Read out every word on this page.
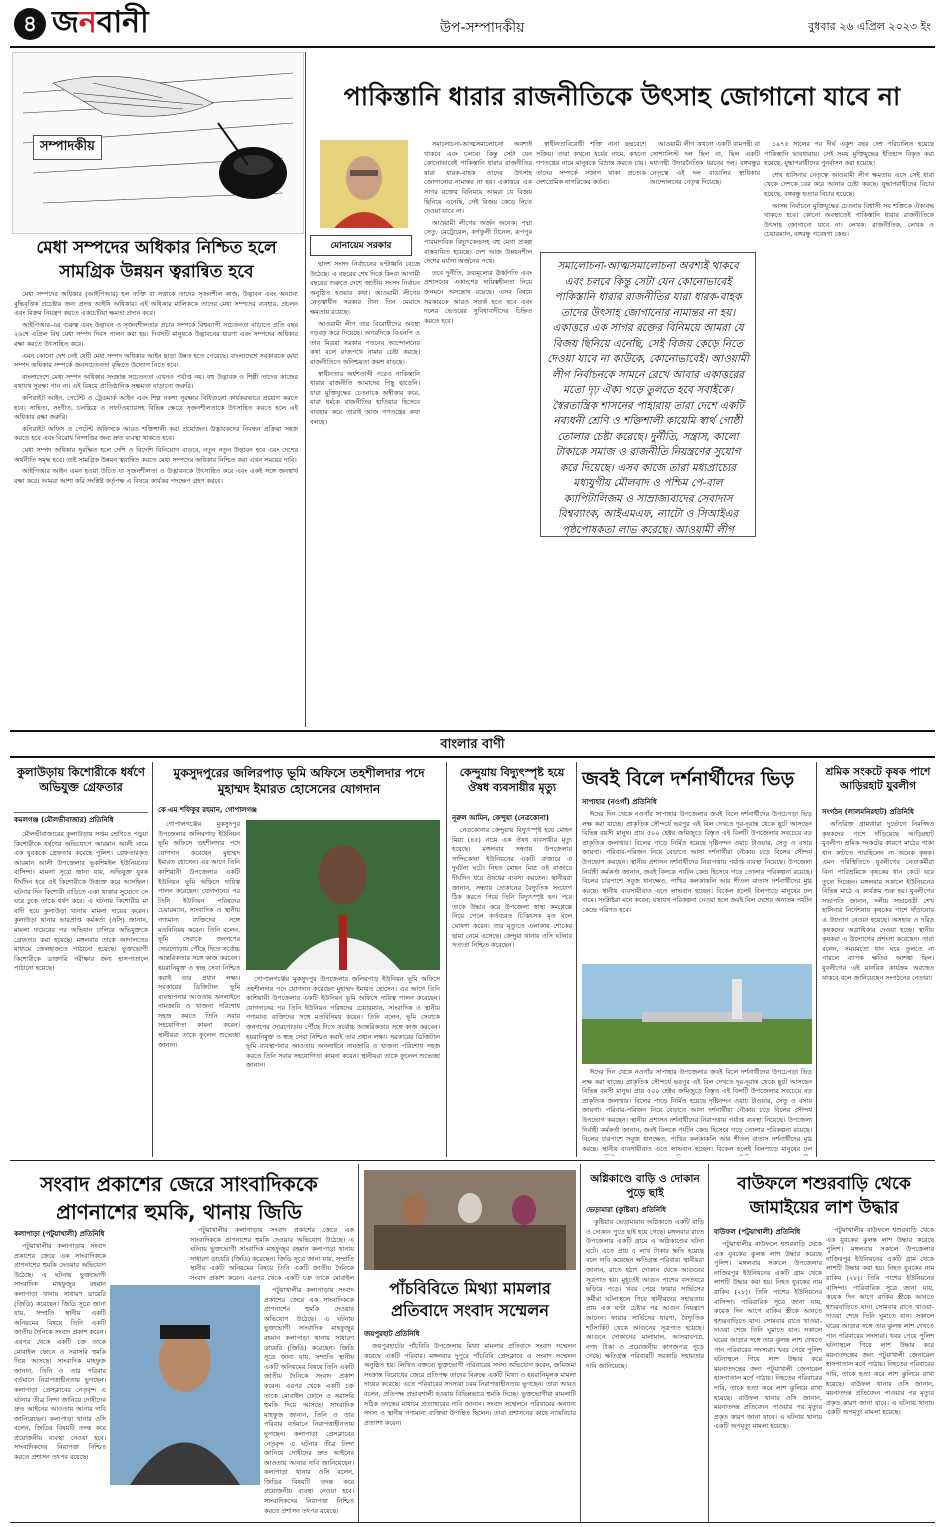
৪ জনবানী	উপ-সম্পাদকীয়	বুধবার ২৬ এপ্রিল ২০২৩ ইং
সম্পাদকীয়
মেধা সম্পদের অধিকার নিশ্চিত হলে সামগ্রিক উন্নয়ন ত্বরান্বিত হবে

মেধা সম্পদের অধিকার (আইপিআর) হল ব্যক্তি বা সত্তাকে তাদের সৃজনশীল কাজ, উদ্ভাবন এবং অন্যান্য বুদ্ধিবৃত্তিক প্রচেষ্টার জন্য প্রদত্ত আইনি অধিকার। এই অধিকার মালিককে তাদের মেধা সম্পদের ব্যবহার, প্রচলন এবং বিক্রয় নিয়ন্ত্রণ করতে একচেটিয়া ক্ষমতা প্রদান করে।

আইপিআর-এর গুরুত্ব এবং উদ্ভাবন ও সৃজনশীলতার প্রচার সম্পর্কে বিশ্বব্যাপী সচেতনতা বাড়াতে প্রতি বছর ২৬শে এপ্রিল বিশ্ব মেধা সম্পদ দিবস পালন করা হয়। দিবসটি মানুষকে উদ্ভাবনের ধারণা এবং সম্পদের অধিকার রক্ষা করতে উৎসাহিত করে।

এমন কোনো দেশ নেই যেটি মেধা সম্পদ অধিকার আইন ছাড়া উন্নত হতে পেরেছে। বাংলাদেশে সরকারকে মেধা সম্পদ অধিকার সম্পর্কে জনসচেতনতা বৃদ্ধিতে উদ্যোগ নিতে হবে।

বাংলাদেশে মেধা সম্পদ অধিকার সংক্রান্ত সচেতনতা এখনও পর্যাপ্ত নয়। বহু উদ্ভাবক ও শিল্পী তাদের কাজের যথাযথ সুরক্ষা পান না। এই বিষয়ে প্রাতিষ্ঠানিক সক্ষমতা বাড়ানো জরুরি।

কপিরাইট আইন, পেটেন্ট ও ট্রেডমার্ক আইন এবং শিল্প নকশা সুরক্ষার বিধিগুলো কার্যকরভাবে প্রয়োগ করতে হবে। সাহিত্য, সংগীত, চলচ্চিত্র ও সফটওয়্যারসহ বিভিন্ন ক্ষেত্রে সৃজনশীলতাকে উৎসাহিত করতে হলে এই অধিকার রক্ষা জরুরি।

কপিরাইট অফিস ও পেটেন্ট অফিসকে আরও শক্তিশালী করা প্রয়োজন। উদ্ভাবকদের নিবন্ধন প্রক্রিয়া সহজ করতে হবে এবং বিরোধ নিষ্পত্তির জন্য দ্রুত ব্যবস্থা থাকতে হবে।

মেধা সম্পদ অধিকার সুরক্ষিত হলে দেশি ও বিদেশি বিনিয়োগ বাড়বে, নতুন নতুন উদ্ভাবন হবে এবং দেশের অর্থনীতি সমৃদ্ধ হবে। তাই সামগ্রিক উন্নয়ন ত্বরান্বিত করতে মেধা সম্পদের অধিকার নিশ্চিত করা এখন সময়ের দাবি।

আইপিআর আইন এমন হওয়া উচিত যা সৃজনশীলতা ও উদ্ভাবনকে উৎসাহিত করে এবং একই সঙ্গে জনস্বার্থ রক্ষা করে। আমরা আশা করি সংশ্লিষ্ট কর্তৃপক্ষ এ বিষয়ে কার্যকর পদক্ষেপ গ্রহণ করবে।

পাকিস্তানি ধারার রাজনীতিকে উৎসাহ জোগানো যাবে না
মোনায়েম সরকার

দ্বাদশ সংসদ নির্বাচনের ঘণ্টাধ্বনি বেজে উঠেছে। এ বছরের শেষ দিকে কিংবা আগামী বছরের শুরুতে দেশে জাতীয় সংসদ নির্বাচন অনুষ্ঠিত হওয়ার কথা। আওয়ামী লীগের নেতৃত্বাধীন সরকার টানা তিন মেয়াদে ক্ষমতায় রয়েছে।

আওয়ামী লীগ তার বিরোধীদের অবস্থা নড়বড় করে দিয়েছে। অপরদিকে বিএনপি ও তার মিত্ররা সরকার পতনের আন্দোলনের কথা বলে রাজপথে নামার চেষ্টা করছে। রাজনীতিতে অনিশ্চয়তা ক্রমশ বাড়ছে।

স্বাধীনতার অর্ধশতাব্দী পরেও পাকিস্তানি ধারার রাজনীতি আমাদের পিছু ছাড়েনি। যারা মুক্তিযুদ্ধের চেতনাকে অস্বীকার করে, যারা ধর্মকে রাজনীতির হাতিয়ার হিসেবে ব্যবহার করে তারাই আজ গণতন্ত্রের কথা বলছে।

সমালোচনা-আত্মসমালোচনা অবশ্যই থাকবে এবং চলবে। কিন্তু সেটা যেন কোনোভাবেই পাকিস্তানি ধারার রাজনীতির যারা ধারক-বাহক তাদের উৎসাহ জোগানোর নামান্তর না হয়। একাত্তরে এক সাগর রক্তের বিনিময়ে আমরা যে বিজয় ছিনিয়ে এনেছি, সেই বিজয় কেড়ে নিতে দেওয়া যাবে না।

আওয়ামী লীগের অর্জন অনেক। পদ্মা সেতু, মেট্রোরেল, কর্ণফুলী টানেল, রূপপুর পারমাণবিক বিদ্যুৎকেন্দ্রসহ বহু মেগা প্রকল্প বাস্তবায়িত হয়েছে। দেশ আজ উন্নয়নশীল দেশের মর্যাদা অর্জনের পথে।

তবে দুর্নীতি, দ্রব্যমূল্যের ঊর্ধ্বগতি এবং প্রশাসনের একাংশের দায়িত্বহীনতা নিয়ে জনমনে অসন্তোষ রয়েছে। এসব বিষয়ে সরকারকে আরও সতর্ক হতে হবে এবং দলের ভেতরের সুবিধাবাদীদের চিহ্নিত করতে হবে।

স্বাধীনতাবিরোধী শক্তি নানা ছদ্মবেশে সক্রিয়। তারা কখনো ধর্মের নামে, কখনো গণতন্ত্রের নামে মানুষকে বিভ্রান্ত করতে চায়। তাদের সম্পর্কে সজাগ থাকা প্রত্যেক দেশপ্রেমিক নাগরিকের কর্তব্য।

আওয়ামী লীগ কখনো একটি বামপন্থী বা সোশ্যালিস্ট দল ছিল না, ছিল একটি মধ্যপন্থী উদারনৈতিক ধরনের দল। বঙ্গবন্ধুর নেতৃত্বে এই দল বাঙালির স্বাধিকার আন্দোলনের নেতৃত্ব দিয়েছে।

১৯৭৫ সালের পর দীর্ঘ একুশ বছর দেশ পরিচালিত হয়েছে পাকিস্তানি ভাবধারায়। সেই সময় মুক্তিযুদ্ধের ইতিহাস বিকৃত করা হয়েছে, যুদ্ধাপরাধীদের পুনর্বাসন করা হয়েছে।

শেখ হাসিনার নেতৃত্বে আওয়ামী লীগ ক্ষমতায় এসে সেই ধারা থেকে দেশকে বের করে আনার চেষ্টা করছে। যুদ্ধাপরাধীদের বিচার হয়েছে, বঙ্গবন্ধু হত্যার বিচার হয়েছে।

আসন্ন নির্বাচনে মুক্তিযুদ্ধের চেতনায় বিশ্বাসী সব শক্তিকে ঐক্যবদ্ধ থাকতে হবে। কোনো অবস্থাতেই পাকিস্তানি ধারার রাজনীতিকে উৎসাহ জোগানো যাবে না। লেখক: রাজনীতিক, লেখক ও চেয়ারম্যান, বঙ্গবন্ধু গবেষণা কেন্দ্র।

সমালোচনা-আত্মসমালোচনা অবশ্যই থাকবে এবং চলবে কিন্তু সেটা যেন কোনোভাবেই পাকিস্তানি ধারার রাজনীতির যারা ধারক-বাহক তাদের উৎসাহ জোগানোর নামান্তর না হয়। একাত্তরে এক সাগর রক্তের বিনিময়ে আমরা যে বিজয় ছিনিয়ে এনেছি, সেই বিজয় কেড়ে নিতে দেওয়া যাবে না কাউকে, কোনোভাবেই। আওয়ামী লীগ নির্বাচনকে সামনে রেখে আবার একাত্তরের মতো দৃঢ় ঐক্য গড়ে তুলতে হবে সবাইকে। স্বৈরতান্ত্রিক শাসনের পাহারায় তারা দেশে একটি নব্যধনী শ্রেণি ও শক্তিশালী কায়েমি স্বার্থ গোষ্ঠী তোলার চেষ্টা করেছে। দুর্নীতি, সন্ত্রাস, কালো টাকাকে সমাজ ও রাজনীতি নিয়ন্ত্রণের সুযোগ করে দিয়েছে। এসব কাজে তারা মধ্যপ্রাচ্যের মধ্যযুগীয় মৌলবাদ ও পশ্চিম পে-বাল ক্যাপিটালিজম ও সাম্রাজ্যবাদের সেবাদাস বিশ্বব্যাংক, আইএমএফ, ন্যাটো ও সিআইএর পৃষ্ঠপোষকতা লাভ করেছে। আওয়ামী লীগ
বাংলার বাণী
কুলাউড়ায় কিশোরীকে ধর্ষণে অভিযুক্ত গ্রেফতার
কমলগঞ্জ (মৌলভীবাজার) প্রতিনিধি

মৌলভীবাজারের কুলাউড়ায় সপ্তম শ্রেণিতে পড়ুয়া কিশোরীকে ধর্ষণের অভিযোগে আরমান আলী নামে এক যুবককে গ্রেফতার করেছে পুলিশ। গ্রেফতারকৃত আরমান আলী উপজেলার ভূকশিমইল ইউনিয়নের বাসিন্দা। মামলা সূত্রে জানা যায়, অভিযুক্ত যুবক দীর্ঘদিন ধরে ওই কিশোরীকে উত্ত্যক্ত করে আসছিল। ঘটনার দিন কিশোরী বাড়িতে একা থাকার সুযোগে সে ঘরে ঢুকে তাকে ধর্ষণ করে। এ ঘটনায় কিশোরীর মা বাদী হয়ে কুলাউড়া থানায় মামলা দায়ের করেন। কুলাউড়া থানার ভারপ্রাপ্ত কর্মকর্তা (ওসি) জানান, মামলা দায়েরের পর অভিযান চালিয়ে অভিযুক্তকে গ্রেফতার করা হয়েছে। মঙ্গলবার তাকে আদালতের মাধ্যমে জেলহাজতে পাঠানো হয়েছে। ভুক্তভোগী কিশোরীকে ডাক্তারি পরীক্ষার জন্য হাসপাতালে পাঠানো হয়েছে।

মুকসুদপুরের জলিরপাড় ভূমি অফিসে তহশীলদার পদে মুহাম্মদ ইমারত হোসেনের যোগদান
কে এম শফিকুর রহমান, গোপালগঞ্জ

গোপালগঞ্জের মুকসুদপুর উপজেলার জলিরপাড় ইউনিয়ন ভূমি অফিসে তহশীলদার পদে যোগদান করেছেন মুহাম্মদ ইমারত হোসেন। এর আগে তিনি কাশিয়ানী উপজেলার একটি ইউনিয়ন ভূমি অফিসে দায়িত্ব পালন করেছেন। যোগদানের পর তিনি ইউনিয়ন পরিষদের চেয়ারম্যান, সাংবাদিক ও স্থানীয় গণ্যমান্য ব্যক্তিদের সঙ্গে মতবিনিময় করেন। তিনি বলেন, ভূমি সেবাকে জনগণের দোরগোড়ায় পৌঁছে দিতে সর্বোচ্চ আন্তরিকতার সঙ্গে কাজ করবেন। হয়রানিমুক্ত ও স্বচ্ছ সেবা নিশ্চিত করাই তার প্রধান লক্ষ্য। সরকারের ডিজিটাল ভূমি ব্যবস্থাপনার আওতায় অনলাইনে নামজারি ও খাজনা পরিশোধ সহজ করতে তিনি সবার সহযোগিতা কামনা করেন। স্থানীয়রা তাকে ফুলেল শুভেচ্ছা জানান।

গোপালগঞ্জের মুকসুদপুর উপজেলার জলিরপাড় ইউনিয়ন ভূমি অফিসে তহশীলদার পদে যোগদান করেছেন মুহাম্মদ ইমারত হোসেন। এর আগে তিনি কাশিয়ানী উপজেলার একটি ইউনিয়ন ভূমি অফিসে দায়িত্ব পালন করেছেন। যোগদানের পর তিনি ইউনিয়ন পরিষদের চেয়ারম্যান, সাংবাদিক ও স্থানীয় গণ্যমান্য ব্যক্তিদের সঙ্গে মতবিনিময় করেন। তিনি বলেন, ভূমি সেবাকে জনগণের দোরগোড়ায় পৌঁছে দিতে সর্বোচ্চ আন্তরিকতার সঙ্গে কাজ করবেন। হয়রানিমুক্ত ও স্বচ্ছ সেবা নিশ্চিত করাই তার প্রধান লক্ষ্য। সরকারের ডিজিটাল ভূমি ব্যবস্থাপনার আওতায় অনলাইনে নামজারি ও খাজনা পরিশোধ সহজ করতে তিনি সবার সহযোগিতা কামনা করেন। স্থানীয়রা তাকে ফুলেল শুভেচ্ছা জানান।

কেন্দুয়ায় বিদ্যুৎস্পৃষ্ট হয়ে ঔষধ ব্যবসায়ীর মৃত্যু
নূরুল আমিন, কেন্দুয়া (নেত্রকোনা)

নেত্রকোনার কেন্দুয়ায় বিদ্যুৎস্পৃষ্ট হয়ে মোহন মিয়া (৪৫) নামে এক ঔষধ ব্যবসায়ীর মৃত্যু হয়েছে। মঙ্গলবার সন্ধ্যায় উপজেলার সান্দিকোনা ইউনিয়নের একটি বাজারে এ দুর্ঘটনা ঘটে। নিহত মোহন মিয়া ওই বাজারে দীর্ঘদিন ধরে ঔষধের ব্যবসা করতেন। স্থানীয়রা জানান, সন্ধ্যায় দোকানের বৈদ্যুতিক সংযোগ ঠিক করতে গিয়ে তিনি বিদ্যুৎস্পৃষ্ট হন। পরে তাকে উদ্ধার করে উপজেলা স্বাস্থ্য কমপ্লেক্সে নিয়ে গেলে কর্তব্যরত চিকিৎসক মৃত বলে ঘোষণা করেন। তার মৃত্যুতে এলাকায় শোকের ছায়া নেমে এসেছে। কেন্দুয়া থানার ওসি ঘটনার সত্যতা নিশ্চিত করেছেন।

জবই বিলে দর্শনার্থীদের ভিড়
সাপাহার (নওগাঁ) প্রতিনিধি

ঈদের দিন থেকে নওগাঁর সাপাহার উপজেলার জবই বিলে দর্শনার্থীদের উপচেপড়া ভিড় লক্ষ করা যাচ্ছে। প্রাকৃতিক সৌন্দর্যে ভরপুর এই বিল দেখতে দূর-দূরান্ত থেকে ছুটে আসছেন বিভিন্ন বয়সী মানুষ। প্রায় ৫০০ হেক্টর জমিজুড়ে বিস্তৃত এই বিলটি উপজেলার সবচেয়ে বড় প্রাকৃতিক জলাধার। বিলের পাড়ে নির্মিত হয়েছে দৃষ্টিনন্দন ওয়াচ টাওয়ার, সেতু ও বসার জায়গা। পরিবার-পরিজন নিয়ে বেড়াতে আসা দর্শনার্থীরা নৌকায় চড়ে বিলের সৌন্দর্য উপভোগ করছেন। স্থানীয় প্রশাসন দর্শনার্থীদের নিরাপত্তায় পর্যাপ্ত ব্যবস্থা নিয়েছে। উপজেলা নির্বাহী কর্মকর্তা জানান, জবই বিলকে পর্যটন কেন্দ্র হিসেবে গড়ে তোলার পরিকল্পনা রয়েছে। বিলের চারপাশে সবুজ ধানক্ষেত, পাখির কলকাকলি আর শীতল বাতাস দর্শনার্থীদের মুগ্ধ করছে। স্থানীয় ব্যবসায়ীরাও এতে লাভবান হচ্ছেন। বিকেল হলেই বিলপাড়ে মানুষের ঢল নামে। সংশ্লিষ্টরা মনে করেন, যথাযথ পরিকল্পনা নেওয়া হলে জবই বিল দেশের অন্যতম পর্যটন কেন্দ্রে পরিণত হবে।

ঈদের দিন থেকে নওগাঁর সাপাহার উপজেলার জবই বিলে দর্শনার্থীদের উপচেপড়া ভিড় লক্ষ করা যাচ্ছে। প্রাকৃতিক সৌন্দর্যে ভরপুর এই বিল দেখতে দূর-দূরান্ত থেকে ছুটে আসছেন বিভিন্ন বয়সী মানুষ। প্রায় ৫০০ হেক্টর জমিজুড়ে বিস্তৃত এই বিলটি উপজেলার সবচেয়ে বড় প্রাকৃতিক জলাধার। বিলের পাড়ে নির্মিত হয়েছে দৃষ্টিনন্দন ওয়াচ টাওয়ার, সেতু ও বসার জায়গা। পরিবার-পরিজন নিয়ে বেড়াতে আসা দর্শনার্থীরা নৌকায় চড়ে বিলের সৌন্দর্য উপভোগ করছেন। স্থানীয় প্রশাসন দর্শনার্থীদের নিরাপত্তায় পর্যাপ্ত ব্যবস্থা নিয়েছে। উপজেলা নির্বাহী কর্মকর্তা জানান, জবই বিলকে পর্যটন কেন্দ্র হিসেবে গড়ে তোলার পরিকল্পনা রয়েছে। বিলের চারপাশে সবুজ ধানক্ষেত, পাখির কলকাকলি আর শীতল বাতাস দর্শনার্থীদের মুগ্ধ করছে। স্থানীয় ব্যবসায়ীরাও এতে লাভবান হচ্ছেন। বিকেল হলেই বিলপাড়ে মানুষের ঢল

শ্রমিক সংকটে কৃষক পাশে আড়িরহাট যুবলীগ
সংগঠন (লালমনিরহাট) প্রতিনিধি

অতিরিক্ত গ্রাম্যধারা দুর্ভোগে নিমজ্জিত কৃষকদের পাশে দাঁড়িয়েছে আড়িরহাট যুবলীগ। শ্রমিক সংকটের কারণে মাঠের পাকা ধান কাটতে পারছিলেন না অনেক কৃষক। এমন পরিস্থিতিতে যুবলীগের নেতাকর্মীরা বিনা পারিশ্রমিকে কৃষকের ধান কেটে ঘরে তুলে দিচ্ছেন। মঙ্গলবার সকালে ইউনিয়নের বিভিন্ন মাঠে এ কার্যক্রম শুরু হয়। যুবলীগের সভাপতি জানান, দলীয় সভানেত্রী শেখ হাসিনার নির্দেশনায় কৃষকের পাশে দাঁড়ানোর এ উদ্যোগ নেওয়া হয়েছে। অসহায় ও দরিদ্র কৃষকদের অগ্রাধিকার দেওয়া হচ্ছে। স্থানীয় কৃষকরা এ উদ্যোগের প্রশংসা করেছেন। তারা বলেন, সময়মতো ধান ঘরে তুলতে না পারলে ব্যাপক ক্ষতির আশঙ্কা ছিল। যুবলীগের এই মানবিক কার্যক্রম অব্যাহত থাকবে বলে জানিয়েছেন সংগঠনের নেতারা।

সংবাদ প্রকাশের জেরে সাংবাদিককে প্রাণনাশের হুমকি, থানায় জিডি
কলাপাড়া (পটুয়াখালী) প্রতিনিধি

পটুয়াখালীর কলাপাড়ায় সংবাদ প্রকাশের জেরে এক সাংবাদিককে প্রাণনাশের হুমকি দেওয়ার অভিযোগ উঠেছে। এ ঘটনায় ভুক্তভোগী সাংবাদিক মাহফুজুর রহমান কলাপাড়া থানায় সাধারণ ডায়েরি (জিডি) করেছেন। জিডি সূত্রে জানা যায়, সম্প্রতি স্থানীয় একটি অনিয়মের বিষয়ে তিনি একটি জাতীয় দৈনিকে সংবাদ প্রকাশ করেন। এরপর থেকে একটি চক্র তাকে মোবাইল ফোনে ও সরাসরি হুমকি দিয়ে আসছে। সাংবাদিক মাহফুজ জানান, তিনি ও তার পরিবার বর্তমানে নিরাপত্তাহীনতায় ভুগছেন। কলাপাড়া প্রেসক্লাবের নেতৃবৃন্দ এ ঘটনার তীব্র নিন্দা জানিয়ে দোষীদের দ্রুত আইনের আওতায় আনার দাবি জানিয়েছেন। কলাপাড়া থানার ওসি বলেন, জিডির বিষয়টি তদন্ত করে প্রয়োজনীয় ব্যবস্থা নেওয়া হবে। সাংবাদিকদের নিরাপত্তা নিশ্চিত করতে প্রশাসন তৎপর রয়েছে।

পটুয়াখালীর কলাপাড়ায় সংবাদ প্রকাশের জেরে এক সাংবাদিককে প্রাণনাশের হুমকি দেওয়ার অভিযোগ উঠেছে। এ ঘটনায় ভুক্তভোগী সাংবাদিক মাহফুজুর রহমান কলাপাড়া থানায় সাধারণ ডায়েরি (জিডি) করেছেন। জিডি সূত্রে জানা যায়, সম্প্রতি স্থানীয় একটি অনিয়মের বিষয়ে তিনি একটি জাতীয় দৈনিকে সংবাদ প্রকাশ করেন। এরপর থেকে একটি চক্র তাকে মোবাইল

পটুয়াখালীর কলাপাড়ায় সংবাদ প্রকাশের জেরে এক সাংবাদিককে প্রাণনাশের হুমকি দেওয়ার অভিযোগ উঠেছে। এ ঘটনায় ভুক্তভোগী সাংবাদিক মাহফুজুর রহমান কলাপাড়া থানায় সাধারণ ডায়েরি (জিডি) করেছেন। জিডি সূত্রে জানা যায়, সম্প্রতি স্থানীয় একটি অনিয়মের বিষয়ে তিনি একটি জাতীয় দৈনিকে সংবাদ প্রকাশ করেন। এরপর থেকে একটি চক্র তাকে মোবাইল ফোনে ও সরাসরি হুমকি দিয়ে আসছে। সাংবাদিক মাহফুজ জানান, তিনি ও তার পরিবার বর্তমানে নিরাপত্তাহীনতায় ভুগছেন। কলাপাড়া প্রেসক্লাবের নেতৃবৃন্দ এ ঘটনার তীব্র নিন্দা জানিয়ে দোষীদের দ্রুত আইনের আওতায় আনার দাবি জানিয়েছেন। কলাপাড়া থানার ওসি বলেন, জিডির বিষয়টি তদন্ত করে প্রয়োজনীয় ব্যবস্থা নেওয়া হবে। সাংবাদিকদের নিরাপত্তা নিশ্চিত করতে প্রশাসন তৎপর রয়েছে।

পাঁচবিবিতে মিথ্যা মামলার প্রতিবাদে সংবাদ সম্মেলন
জয়পুরহাট প্রতিনিধি

জয়পুরহাটের পাঁচবিবি উপজেলায় মিথ্যা মামলার প্রতিবাদে সংবাদ সম্মেলন করেছে একটি পরিবার। মঙ্গলবার দুপুরে পাঁচবিবি প্রেসক্লাবে এ সংবাদ সম্মেলন অনুষ্ঠিত হয়। লিখিত বক্তব্যে ভুক্তভোগী পরিবারের সদস্য অভিযোগ করেন, জমিজমা সংক্রান্ত বিরোধের জেরে প্রতিপক্ষ তাদের বিরুদ্ধে একটি মিথ্যা ও হয়রানিমূলক মামলা দায়ের করেছে। এতে পরিবারের সদস্যরা চরম নিরাপত্তাহীনতায় ভুগছেন। তারা আরও বলেন, প্রতিপক্ষ প্রভাবশালী হওয়ায় বিভিন্নভাবে হুমকি দিচ্ছে। ভুক্তভোগীরা মামলাটি সঠিক তদন্তের মাধ্যমে প্রত্যাহারের দাবি জানান। সংবাদ সম্মেলনে পরিবারের অন্যান্য সদস্য ও স্থানীয় গণ্যমান্য ব্যক্তিরা উপস্থিত ছিলেন। তারা প্রশাসনের কাছে ন্যায়বিচার প্রত্যাশা করেন।

অগ্নিকাণ্ডে বাড়ি ও দোকান পুড়ে ছাই
ভেড়ামারা (কুষ্টিয়া) প্রতিনিধি

কুষ্টিয়ার ভেড়ামারায় অগ্নিকাণ্ডে একটি বাড়ি ও দোকান পুড়ে ছাই হয়ে গেছে। মঙ্গলবার রাতে উপজেলার একটি গ্রামে এ অগ্নিকাণ্ডের ঘটনা ঘটে। এতে প্রায় ৫ লাখ টাকার ক্ষতি হয়েছে বলে দাবি করেছেন ক্ষতিগ্রস্ত পরিবার। স্থানীয়রা জানান, রাতে হঠাৎ দোকান থেকে আগুনের সূত্রপাত হয়। মুহূর্তেই আগুন পাশের বসতঘরে ছড়িয়ে পড়ে। খবর পেয়ে ফায়ার সার্ভিসের কর্মীরা ঘটনাস্থলে গিয়ে স্থানীয়দের সহায়তায় প্রায় এক ঘণ্টা চেষ্টার পর আগুন নিয়ন্ত্রণে আনেন। ফায়ার সার্ভিসের ধারণা, বৈদ্যুতিক শর্টসার্কিট থেকে আগুনের সূত্রপাত হয়েছে। আগুনে দোকানের মালামাল, আসবাবপত্র, নগদ টাকা ও প্রয়োজনীয় কাগজপত্র পুড়ে গেছে। ক্ষতিগ্রস্ত পরিবারটি সরকারি সহায়তার দাবি জানিয়েছে।

বাউফলে শশুরবাড়ি থেকে জামাইয়ের লাশ উদ্ধার
বাউফল (পটুয়াখালী) প্রতিনিধি

পটুয়াখালীর বাউফলে শ্বশুরবাড়ি থেকে এক যুবকের ঝুলন্ত লাশ উদ্ধার করেছে পুলিশ। মঙ্গলবার সকালে উপজেলার নাজিরপুর ইউনিয়নের একটি গ্রাম থেকে লাশটি উদ্ধার করা হয়। নিহত যুবকের নাম রাকিব (২৮)। তিনি পাশের ইউনিয়নের বাসিন্দা। পারিবারিক সূত্রে জানা যায়, কয়েক দিন আগে রাকিব স্ত্রীকে আনতে শ্বশুরবাড়িতে যান। সোমবার রাতে খাওয়া-দাওয়া শেষে তিনি ঘুমাতে যান। সকালে ঘরের আড়ার সঙ্গে তার ঝুলন্ত লাশ দেখতে পান পরিবারের সদস্যরা। খবর পেয়ে পুলিশ ঘটনাস্থলে গিয়ে লাশ উদ্ধার করে ময়নাতদন্তের জন্য পটুয়াখালী জেনারেল হাসপাতাল মর্গে পাঠায়। নিহতের পরিবারের দাবি, তাকে হত্যা করে লাশ ঝুলিয়ে রাখা হয়েছে। বাউফল থানার ওসি জানান, ময়নাতদন্ত প্রতিবেদন পাওয়ার পর মৃত্যুর প্রকৃত কারণ জানা যাবে। এ ঘটনায় থানায় একটি অপমৃত্যু মামলা হয়েছে।

পটুয়াখালীর বাউফলে শ্বশুরবাড়ি থেকে এক যুবকের ঝুলন্ত লাশ উদ্ধার করেছে পুলিশ। মঙ্গলবার সকালে উপজেলার নাজিরপুর ইউনিয়নের একটি গ্রাম থেকে লাশটি উদ্ধার করা হয়। নিহত যুবকের নাম রাকিব (২৮)। তিনি পাশের ইউনিয়নের বাসিন্দা। পারিবারিক সূত্রে জানা যায়, কয়েক দিন আগে রাকিব স্ত্রীকে আনতে শ্বশুরবাড়িতে যান। সোমবার রাতে খাওয়া-দাওয়া শেষে তিনি ঘুমাতে যান। সকালে ঘরের আড়ার সঙ্গে তার ঝুলন্ত লাশ দেখতে পান পরিবারের সদস্যরা। খবর পেয়ে পুলিশ ঘটনাস্থলে গিয়ে লাশ উদ্ধার করে ময়নাতদন্তের জন্য পটুয়াখালী জেনারেল হাসপাতাল মর্গে পাঠায়। নিহতের পরিবারের দাবি, তাকে হত্যা করে লাশ ঝুলিয়ে রাখা হয়েছে। বাউফল থানার ওসি জানান, ময়নাতদন্ত প্রতিবেদন পাওয়ার পর মৃত্যুর প্রকৃত কারণ জানা যাবে। এ ঘটনায় থানায় একটি অপমৃত্যু মামলা হয়েছে।
